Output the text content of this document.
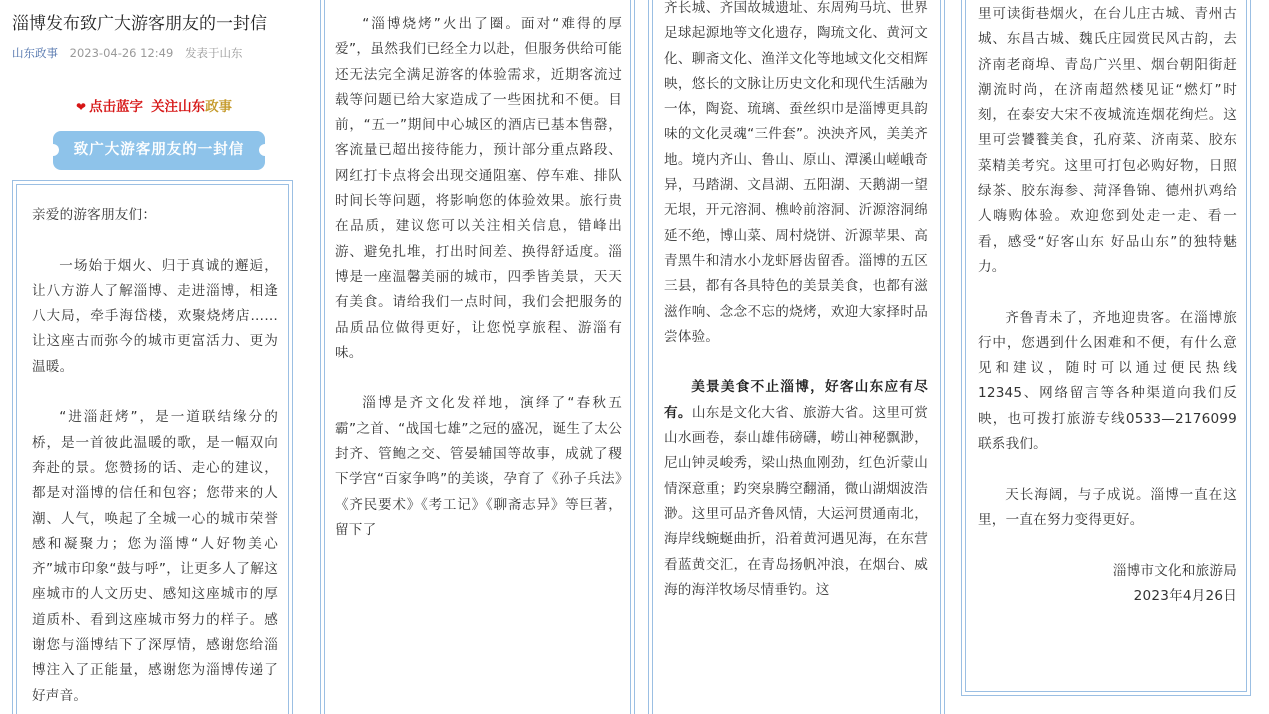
淄博发布致广大游客朋友的一封信
山东政事 2023-04-26 12:49 发表于山东
❤ 点击蓝字 关注山东政事
致广大游客朋友的一封信

亲爱的游客朋友们：

一场始于烟火、归于真诚的邂逅，让八方游人了解淄博、走进淄博，相逢八大局，牵手海岱楼，欢聚烧烤店……让这座古而弥今的城市更富活力、更为温暖。

“进淄赶烤”，是一道联结缘分的桥，是一首彼此温暖的歌，是一幅双向奔赴的景。您赞扬的话、走心的建议，都是对淄博的信任和包容；您带来的人潮、人气，唤起了全城一心的城市荣誉感和凝聚力；您为淄博“人好物美心齐”城市印象“鼓与呼”，让更多人了解这座城市的人文历史、感知这座城市的厚道质朴、看到这座城市努力的样子。感谢您与淄博结下了深厚情，感谢您给淄博注入了正能量，感谢您为淄博传递了好声音。

“淄博烧烤”火出了圈。面对“难得的厚爱”，虽然我们已经全力以赴，但服务供给可能还无法完全满足游客的体验需求，近期客流过载等问题已给大家造成了一些困扰和不便。目前，“五一”期间中心城区的酒店已基本售罄，客流量已超出接待能力，预计部分重点路段、网红打卡点将会出现交通阻塞、停车难、排队时间长等问题，将影响您的体验效果。旅行贵在品质，建议您可以关注相关信息，错峰出游、避免扎堆，打出时间差、换得舒适度。淄博是一座温馨美丽的城市，四季皆美景，天天有美食。请给我们一点时间，我们会把服务的品质品位做得更好，让您悦享旅程、游淄有味。

淄博是齐文化发祥地，演绎了“春秋五霸”之首、“战国七雄”之冠的盛况，诞生了太公封齐、管鲍之交、管晏辅国等故事，成就了稷下学宫“百家争鸣”的美谈，孕育了《孙子兵法》《齐民要术》《考工记》《聊斋志异》等巨著，留下了

齐长城、齐国故城遗址、东周殉马坑、世界足球起源地等文化遗存，陶琉文化、黄河文化、聊斋文化、渔洋文化等地域文化交相辉映，悠长的文脉让历史文化和现代生活融为一体，陶瓷、琉璃、蚕丝织巾是淄博更具韵味的文化灵魂“三件套”。泱泱齐风，美美齐地。境内齐山、鲁山、原山、潭溪山嵯峨奇异，马踏湖、文昌湖、五阳湖、天鹅湖一望无垠，开元溶洞、樵岭前溶洞、沂源溶洞绵延不绝，博山菜、周村烧饼、沂源苹果、高青黑牛和清水小龙虾唇齿留香。淄博的五区三县，都有各具特色的美景美食，也都有滋滋作响、念念不忘的烧烤，欢迎大家择时品尝体验。

美景美食不止淄博，好客山东应有尽有。山东是文化大省、旅游大省。这里可赏山水画卷，泰山雄伟磅礴，崂山神秘飘渺，尼山钟灵峻秀，梁山热血刚劲，红色沂蒙山情深意重；趵突泉腾空翻涌，微山湖烟波浩渺。这里可品齐鲁风情，大运河贯通南北，海岸线蜿蜒曲折，沿着黄河遇见海，在东营看蓝黄交汇，在青岛扬帆冲浪，在烟台、威海的海洋牧场尽情垂钓。这

里可读街巷烟火，在台儿庄古城、青州古城、东昌古城、魏氏庄园赏民风古韵，去济南老商埠、青岛广兴里、烟台朝阳街赶潮流时尚，在济南超然楼见证“燃灯”时刻，在泰安大宋不夜城流连烟花绚烂。这里可尝饕餮美食，孔府菜、济南菜、胶东菜精美考究。这里可打包必购好物，日照绿茶、胶东海参、菏泽鲁锦、德州扒鸡给人嗨购体验。欢迎您到处走一走、看一看，感受“好客山东 好品山东”的独特魅力。

齐鲁青未了，齐地迎贵客。在淄博旅行中，您遇到什么困难和不便，有什么意见和建议，随时可以通过便民热线12345、网络留言等各种渠道向我们反映，也可拨打旅游专线0533—2176099联系我们。

天长海阔，与子成说。淄博一直在这里，一直在努力变得更好。

淄博市文化和旅游局

2023年4月26日
